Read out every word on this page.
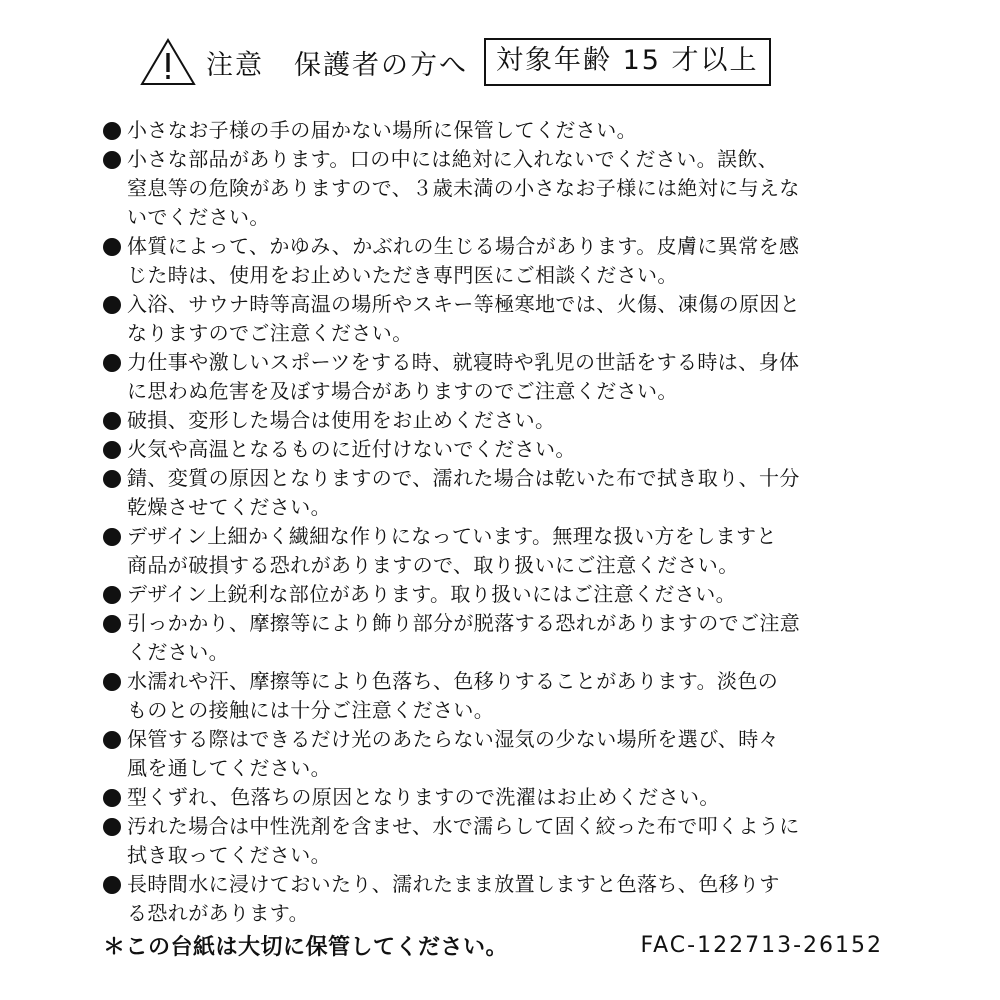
注意 保護者の方へ	対象年齢 15 才以上
小さなお子様の手の届かない場所に保管してください。
小さな部品があります。口の中には絶対に入れないでください。誤飲、
窒息等の危険がありますので、３歳未満の小さなお子様には絶対に与えな
いでください。
体質によって、かゆみ、かぶれの生じる場合があります。皮膚に異常を感
じた時は、使用をお止めいただき専門医にご相談ください。
入浴、サウナ時等高温の場所やスキー等極寒地では、火傷、凍傷の原因と
なりますのでご注意ください。
力仕事や激しいスポーツをする時、就寝時や乳児の世話をする時は、身体
に思わぬ危害を及ぼす場合がありますのでご注意ください。
破損、変形した場合は使用をお止めください。
火気や高温となるものに近付けないでください。
錆、変質の原因となりますので、濡れた場合は乾いた布で拭き取り、十分
乾燥させてください。
デザイン上細かく繊細な作りになっています。無理な扱い方をしますと
商品が破損する恐れがありますので、取り扱いにご注意ください。
デザイン上鋭利な部位があります。取り扱いにはご注意ください。
引っかかり、摩擦等により飾り部分が脱落する恐れがありますのでご注意
ください。
水濡れや汗、摩擦等により色落ち、色移りすることがあります。淡色の
ものとの接触には十分ご注意ください。
保管する際はできるだけ光のあたらない湿気の少ない場所を選び、時々
風を通してください。
型くずれ、色落ちの原因となりますので洗濯はお止めください。
汚れた場合は中性洗剤を含ませ、水で濡らして固く絞った布で叩くように
拭き取ってください。
長時間水に浸けておいたり、濡れたまま放置しますと色落ち、色移りす
る恐れがあります。
＊この台紙は大切に保管してください。	FAC-122713-26152
